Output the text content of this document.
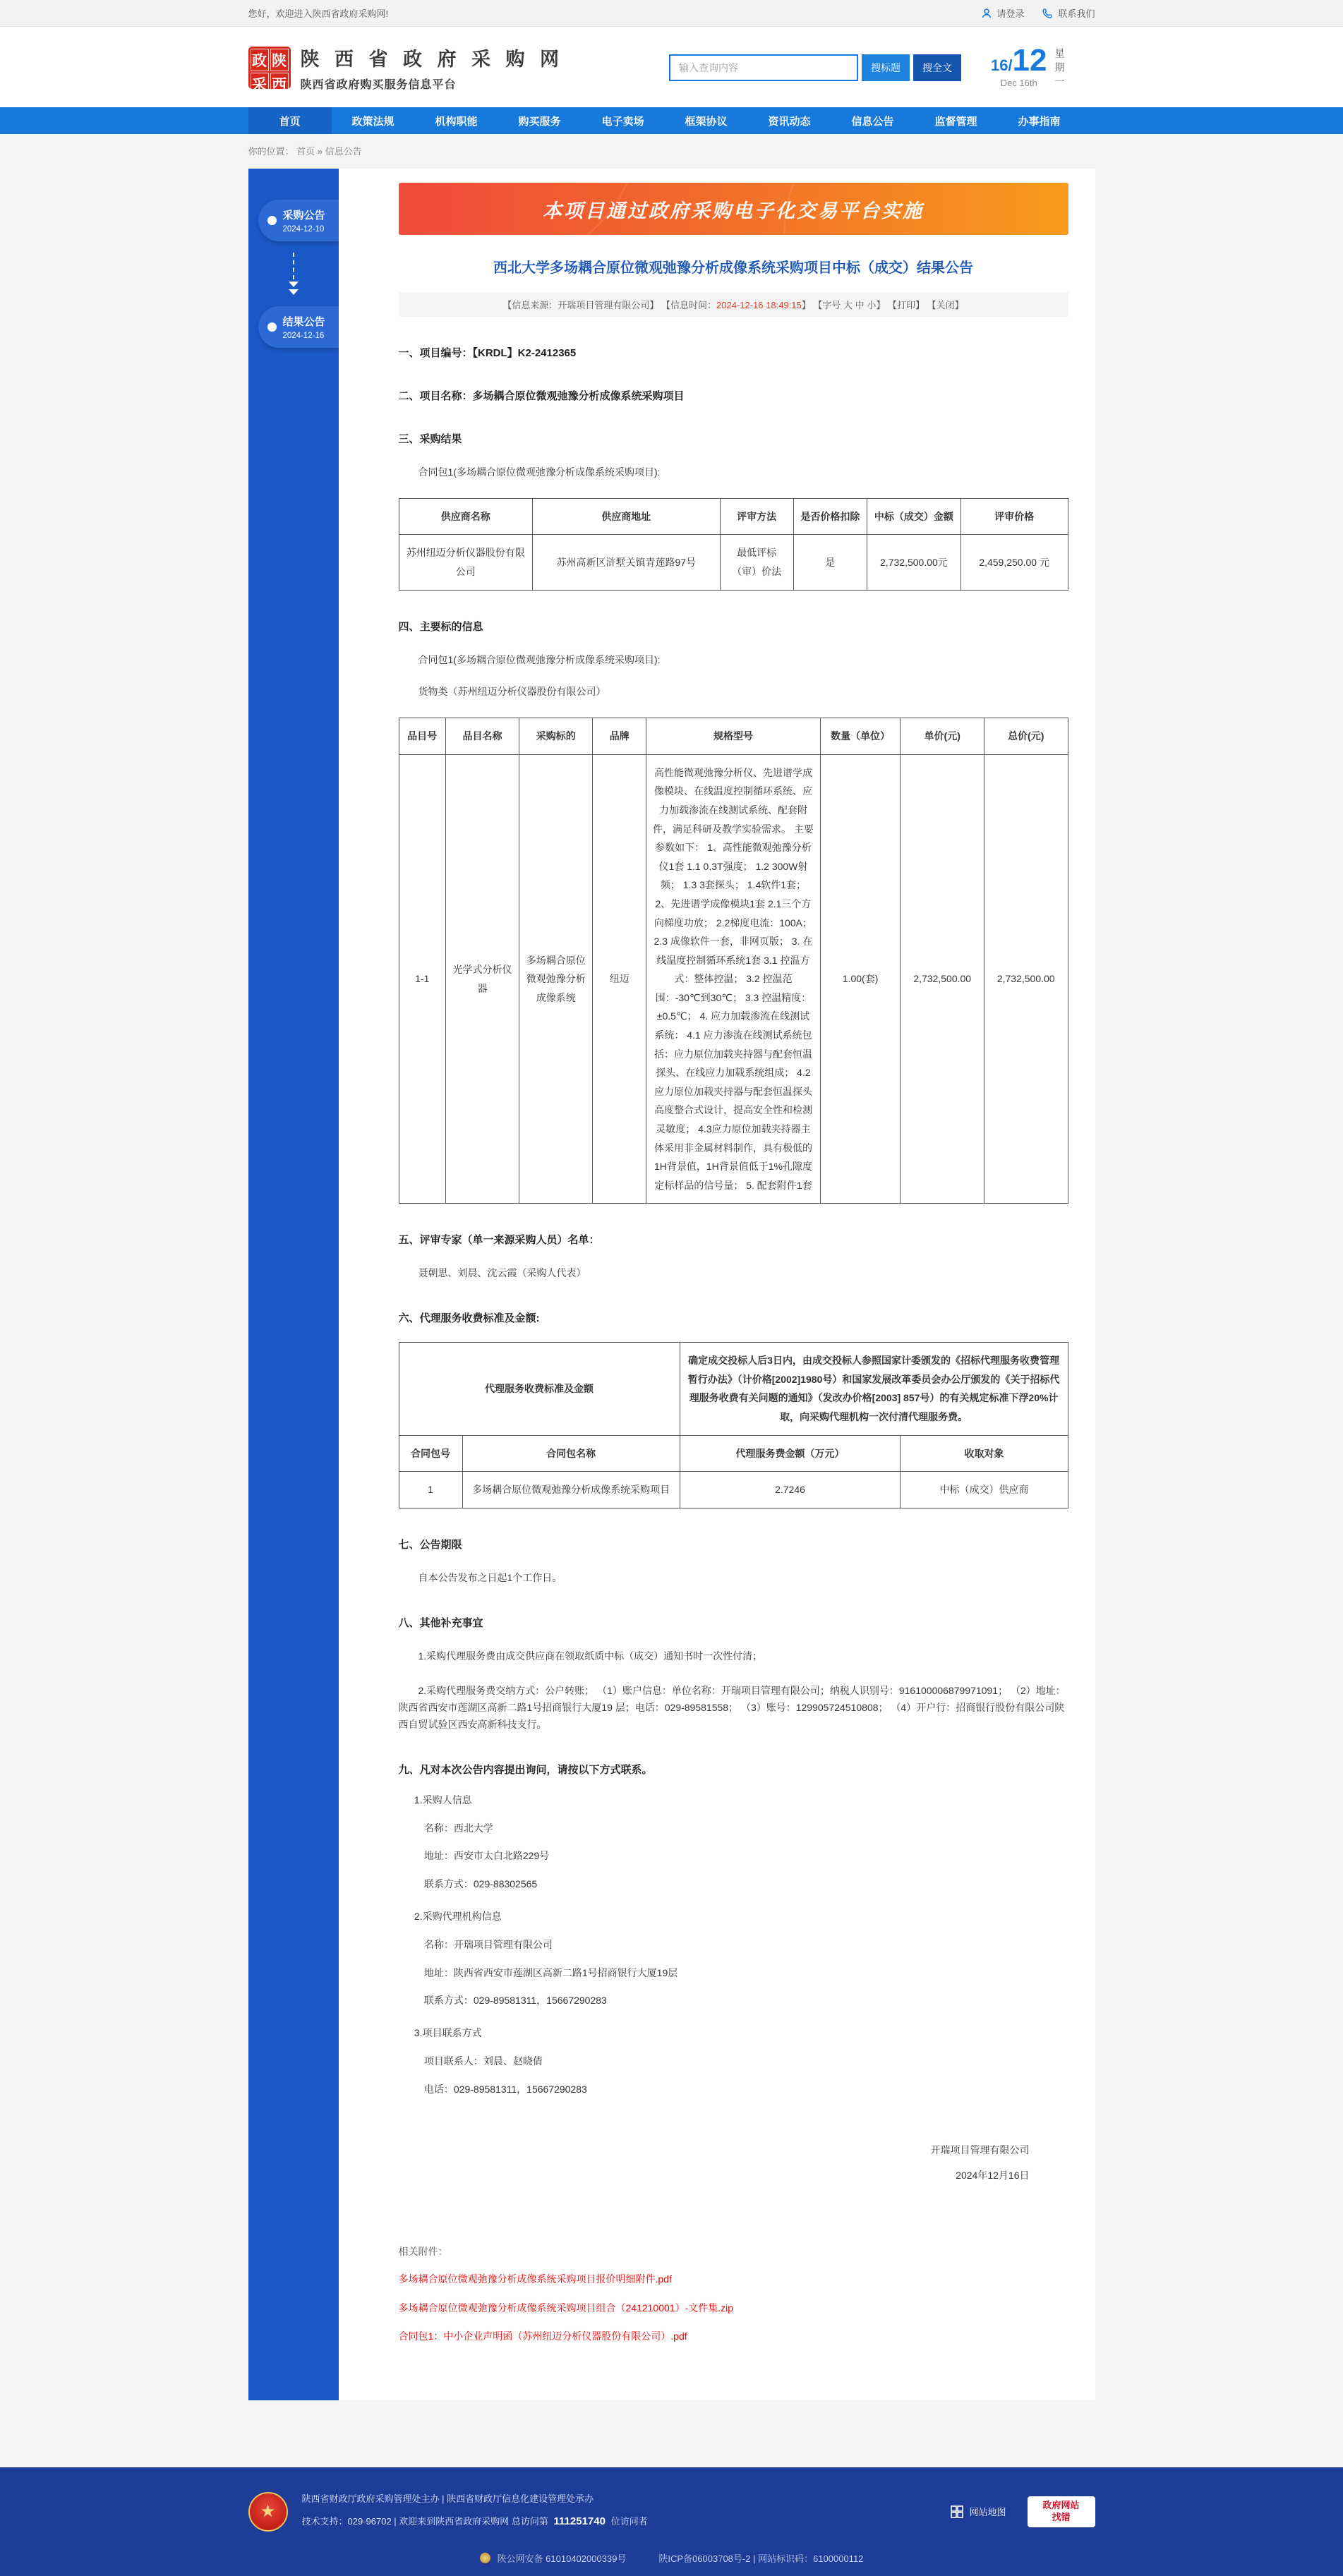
您好，欢迎进入陕西省政府采购网!	请登录	联系我们
政 陕
采 西
陕 西 省 政 府 采 购 网
陕西省政府购买服务信息平台
输入查询内容
搜标题	搜全文	16/12
Dec 16th	星期一
首页	政策法规	机构职能	购买服务	电子卖场	框架协议	资讯动态	信息公告	监督管理	办事指南
你的位置： 首页 » 信息公告
采购公告
2024-12-10
结果公告
2024-12-16
本项目通过政府采购电子化交易平台实施
西北大学多场耦合原位微观弛豫分析成像系统采购项目中标（成交）结果公告
【信息来源：开瑞项目管理有限公司】 【信息时间：2024-12-16 18:49:15】 【字号 大 中 小】 【打印】 【关闭】
一、项目编号：【KRDL】K2-2412365
二、项目名称：多场耦合原位微观弛豫分析成像系统采购项目
三、采购结果
合同包1(多场耦合原位微观弛豫分析成像系统采购项目):
供应商名称	供应商地址	评审方法	是否价格扣除	中标（成交）金额	评审价格
苏州纽迈分析仪器股份有限公司	苏州高新区浒墅关镇青莲路97号	最低评标（审）价法	是	2,732,500.00元	2,459,250.00 元
四、主要标的信息
合同包1(多场耦合原位微观弛豫分析成像系统采购项目):
货物类（苏州纽迈分析仪器股份有限公司）
品目号	品目名称	采购标的	品牌	规格型号	数量（单位）	单价(元)	总价(元)
1-1	光学式分析仪器	多场耦合原位微观弛豫分析成像系统	纽迈	高性能微观弛豫分析仪、先进谱学成像模块、在线温度控制循环系统、应力加载渗流在线测试系统、配套附件，满足科研及教学实验需求。 主要参数如下： 1、高性能微观弛豫分析仪1套 1.1 0.3T强度； 1.2 300W射频； 1.3 3套探头； 1.4软件1套； 2、先进谱学成像模块1套 2.1三个方向梯度功放； 2.2梯度电流：100A； 2.3 成像软件一套，非网页版； 3. 在线温度控制循环系统1套 3.1 控温方式：整体控温； 3.2 控温范围：-30℃到30℃； 3.3 控温精度：±0.5℃； 4. 应力加载渗流在线测试系统： 4.1 应力渗流在线测试系统包括：应力原位加载夹持器与配套恒温探头、在线应力加载系统组成； 4.2应力原位加载夹持器与配套恒温探头高度整合式设计，提高安全性和检测灵敏度； 4.3应力原位加载夹持器主体采用非金属材料制作，具有极低的1H背景值，1H背景值低于1%孔隙度定标样品的信号量； 5. 配套附件1套	1.00(套)	2,732,500.00	2,732,500.00
五、评审专家（单一来源采购人员）名单：
聂朝思、刘晨、沈云霞（采购人代表）
六、代理服务收费标准及金额:
代理服务收费标准及金额		确定成交投标人后3日内，由成交投标人参照国家计委颁发的《招标代理服务收费管理暂行办法》（计价格[2002]1980号）和国家发展改革委员会办公厅颁发的《关于招标代理服务收费有关问题的通知》（发改办价格[2003] 857号）的有关规定标准下浮20%计取，向采购代理机构一次付清代理服务费。	
合同包号	合同包名称	代理服务费金额（万元）	收取对象
1	多场耦合原位微观弛豫分析成像系统采购项目	2.7246	中标（成交）供应商
七、公告期限
自本公告发布之日起1个工作日。
八、其他补充事宜
1.采购代理服务费由成交供应商在领取纸质中标（成交）通知书时一次性付清；
2.采购代理服务费交纳方式：公户转账； （1）账户信息：单位名称：开瑞项目管理有限公司；纳税人识别号：916100006879971091； （2）地址：陕西省西安市莲湖区高新二路1号招商银行大厦19 层；电话：029-89581558； （3）账号：129905724510808； （4）开户行：招商银行股份有限公司陕西自贸试验区西安高新科技支行。
九、凡对本次公告内容提出询问，请按以下方式联系。
1.采购人信息
名称：西北大学
地址：西安市太白北路229号
联系方式：029-88302565
2.采购代理机构信息
名称：开瑞项目管理有限公司
地址：陕西省西安市莲湖区高新二路1号招商银行大厦19层
联系方式：029-89581311，15667290283
3.项目联系方式
项目联系人：刘晨、赵晓倩
电话：029-89581311，15667290283
开瑞项目管理有限公司
2024年12月16日
相关附件：
多场耦合原位微观弛豫分析成像系统采购项目报价明细附件.pdf
多场耦合原位微观弛豫分析成像系统采购项目组合（241210001）-文件集.zip
合同包1：中小企业声明函（苏州纽迈分析仪器股份有限公司）.pdf
★
陕西省财政厅政府采购管理处主办 | 陕西省财政厅信息化建设管理处承办
技术支持：029-96702 | 欢迎来到陕西省政府采购网 总访问第 111251740 位访问者
网站地图
政府网站
找错
陕公网安备 61010402000339号	陕ICP备06003708号-2 | 网站标识码：6100000112
